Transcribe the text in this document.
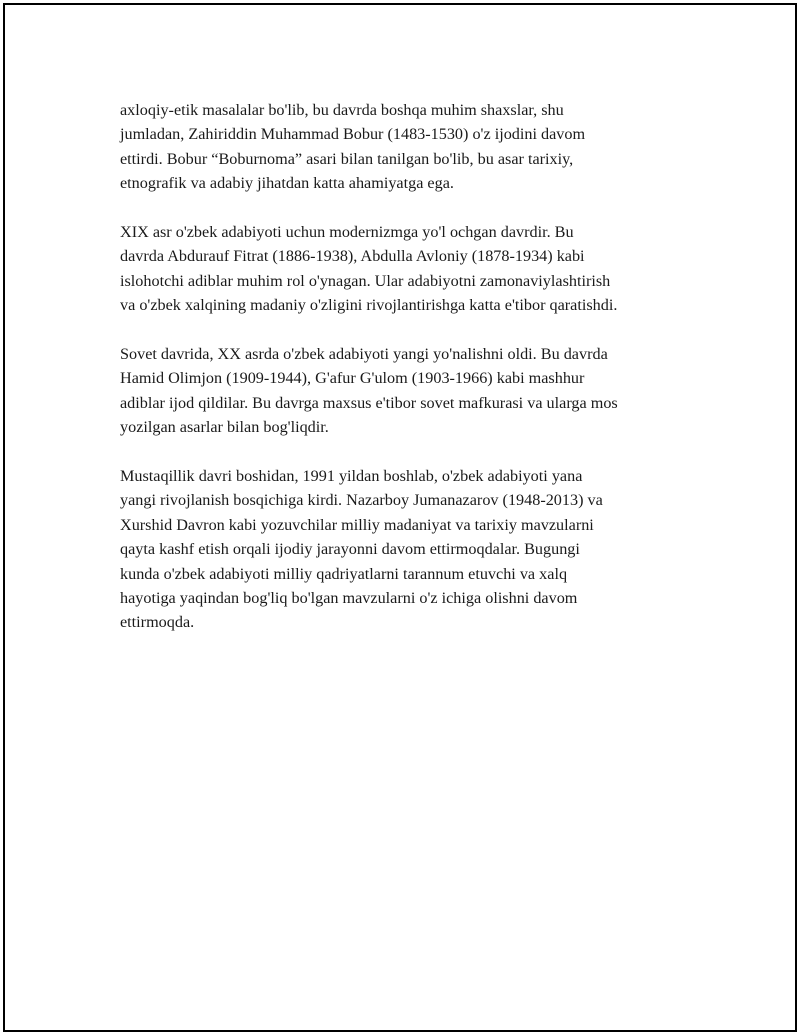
axloqiy-etik masalalar bo'lib, bu davrda boshqa muhim shaxslar, shu
jumladan, Zahiriddin Muhammad Bobur (1483-1530) o'z ijodini davom
ettirdi. Bobur “Boburnoma” asari bilan tanilgan bo'lib, bu asar tarixiy,
etnografik va adabiy jihatdan katta ahamiyatga ega.

XIX asr o'zbek adabiyoti uchun modernizmga yo'l ochgan davrdir. Bu
davrda Abdurauf Fitrat (1886-1938), Abdulla Avloniy (1878-1934) kabi
islohotchi adiblar muhim rol o'ynagan. Ular adabiyotni zamonaviylashtirish
va o'zbek xalqining madaniy o'zligini rivojlantirishga katta e'tibor qaratishdi.

Sovet davrida, XX asrda o'zbek adabiyoti yangi yo'nalishni oldi. Bu davrda
Hamid Olimjon (1909-1944), G'afur G'ulom (1903-1966) kabi mashhur
adiblar ijod qildilar. Bu davrga maxsus e'tibor sovet mafkurasi va ularga mos
yozilgan asarlar bilan bog'liqdir.

Mustaqillik davri boshidan, 1991 yildan boshlab, o'zbek adabiyoti yana
yangi rivojlanish bosqichiga kirdi. Nazarboy Jumanazarov (1948-2013) va
Xurshid Davron kabi yozuvchilar milliy madaniyat va tarixiy mavzularni
qayta kashf etish orqali ijodiy jarayonni davom ettirmoqdalar. Bugungi
kunda o'zbek adabiyoti milliy qadriyatlarni tarannum etuvchi va xalq
hayotiga yaqindan bog'liq bo'lgan mavzularni o'z ichiga olishni davom
ettirmoqda.
